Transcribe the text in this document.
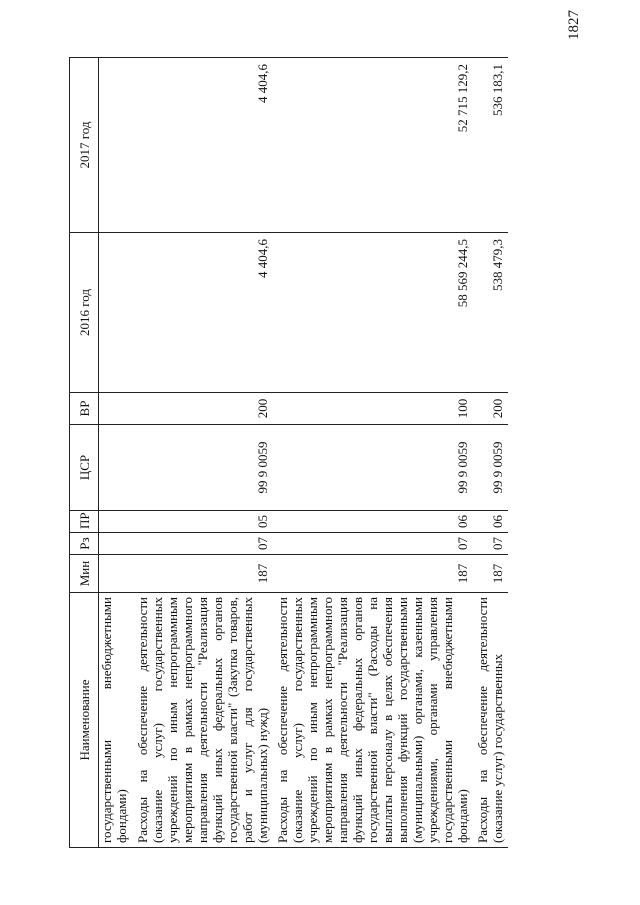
1827
Наименование	Мин	Рз	ПР	ЦСР	ВР	2016 год	2017 год
государственными внебюджетными фондами)							
Расходы на обеспечение деятельности (оказание услуг) государственных учреждений по иным непрограммным мероприятиям в рамках непрограммного направления деятельности "Реализация функций иных федеральных органов государственной власти" (Закупка товаров, работ и услуг для государственных (муниципальных) нужд)	187	07	05	99 9 0059	200	4 404,6	4 404,6
Расходы на обеспечение деятельности (оказание услуг) государственных учреждений по иным непрограммным мероприятиям в рамках непрограммного направления деятельности "Реализация функций иных федеральных органов государственной власти" (Расходы на выплаты персоналу в целях обеспечения выполнения функций государственными (муниципальными) органами, казенными учреждениями, органами управления государственными внебюджетными фондами)	187	07	06	99 9 0059	100	58 569 244,5	52 715 129,2
Расходы на обеспечение деятельности (оказание услуг) государственных	187	07	06	99 9 0059	200	538 479,3	536 183,1
